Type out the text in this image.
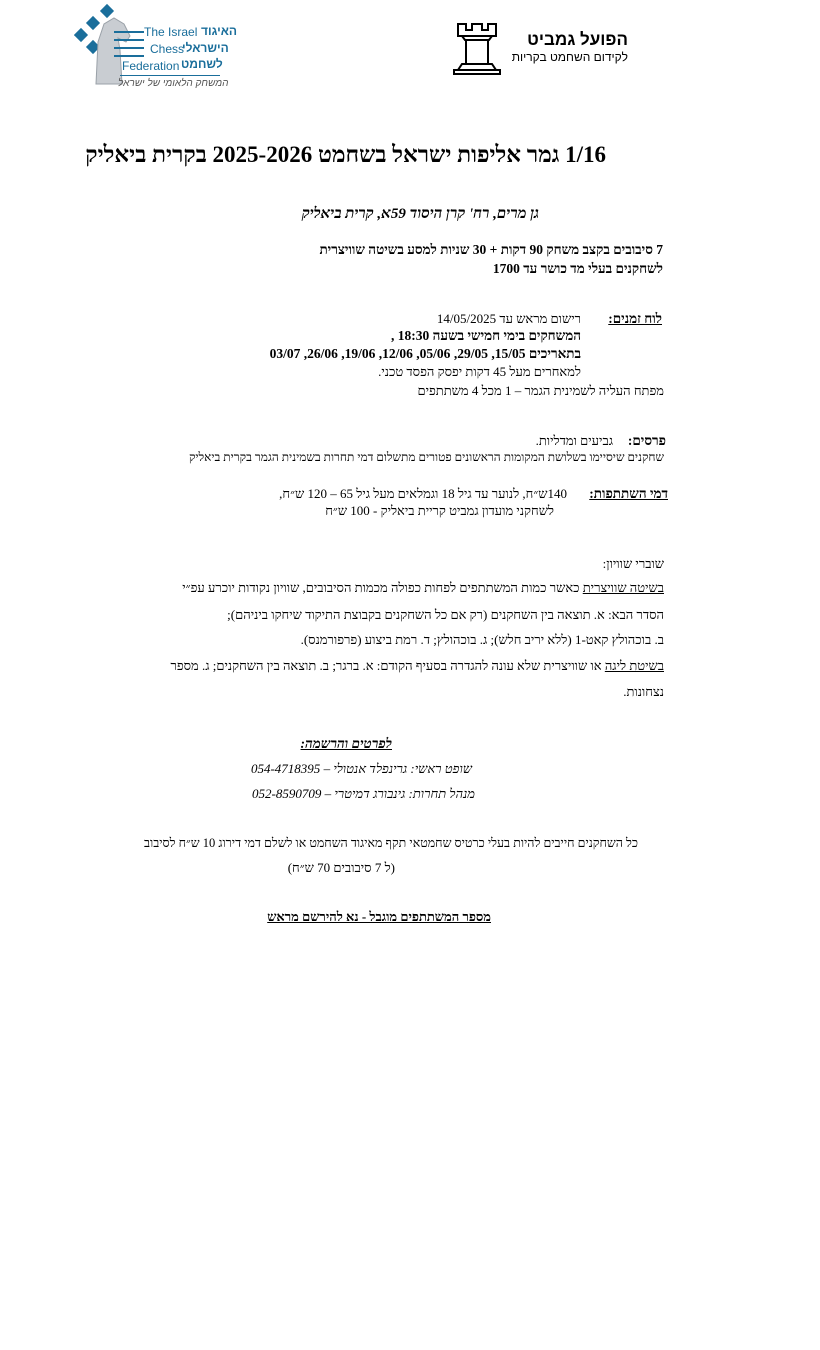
The Israel האיגוד
Chess
הישראלי
Federation לשחמט
המשחק הלאומי של ישראל
הפועל גמביט
לקידום השחמט בקריות
1/16 גמר אליפות ישראל בשחמט 2025-2026 בקרית ביאליק
גן מרים, רח' קרן היסוד 59א, קרית ביאליק
7 סיבובים בקצב משחק 90 דקות + 30 שניות למסע בשיטה שוויצרית
לשחקנים בעלי מד כושר עד 1700
לוח זמנים:
רישום מראש עד 14/05/2025
המשחקים בימי חמישי בשעה 18:30 ,
בתאריכים 15/05, 29/05, 05/06, 12/06, 19/06, 26/06, 03/07
למאחרים מעל 45 דקות יפסק הפסד טכני.
מפתח העליה לשמינית הגמר – 1 מכל 4 משתתפים
פרסים:
גביעים ומדליות.
שחקנים שיסיימו בשלושת המקומות הראשונים פטורים מתשלום דמי תחרות בשמינית הגמר בקרית ביאליק
דמי השתתפות:
140ש״ח, לנוער עד גיל 18 וגמלאים מעל גיל 65 – 120 ש״ח,
לשחקני מועדון גמביט קריית ביאליק - 100 ש״ח
שוברי שוויון:
בשיטה שוויצרית כאשר כמות המשתתפים לפחות כפולה מכמות הסיבובים, שוויון נקודות יוכרע עפ״י
הסדר הבא: א. תוצאה בין השחקנים (רק אם כל השחקנים בקבוצת התיקוד שיחקו ביניהם);
ב. בוכהולץ קאט-1 (ללא יריב חלש); ג. בוכהולץ; ד. רמת ביצוע (פרפורמנס).
בשיטת ליגה או שוויצרית שלא עונה להגדרה בסעיף הקודם: א. ברגר; ב. תוצאה בין השחקנים; ג. מספר
נצחונות.
לפרטים והרשמה:
שופט ראשי: גרינפלד אנטולי – 054-4718395
מנהל תחרות: גינבורג דמיטרי – 052-8590709
כל השחקנים חייבים להיות בעלי כרטיס שחמטאי תקף מאיגוד השחמט או לשלם דמי דירוג 10 ש״ח לסיבוב
(ל 7 סיבובים 70 ש״ח)
מספר המשתתפים מוגבל - נא להירשם מראש
